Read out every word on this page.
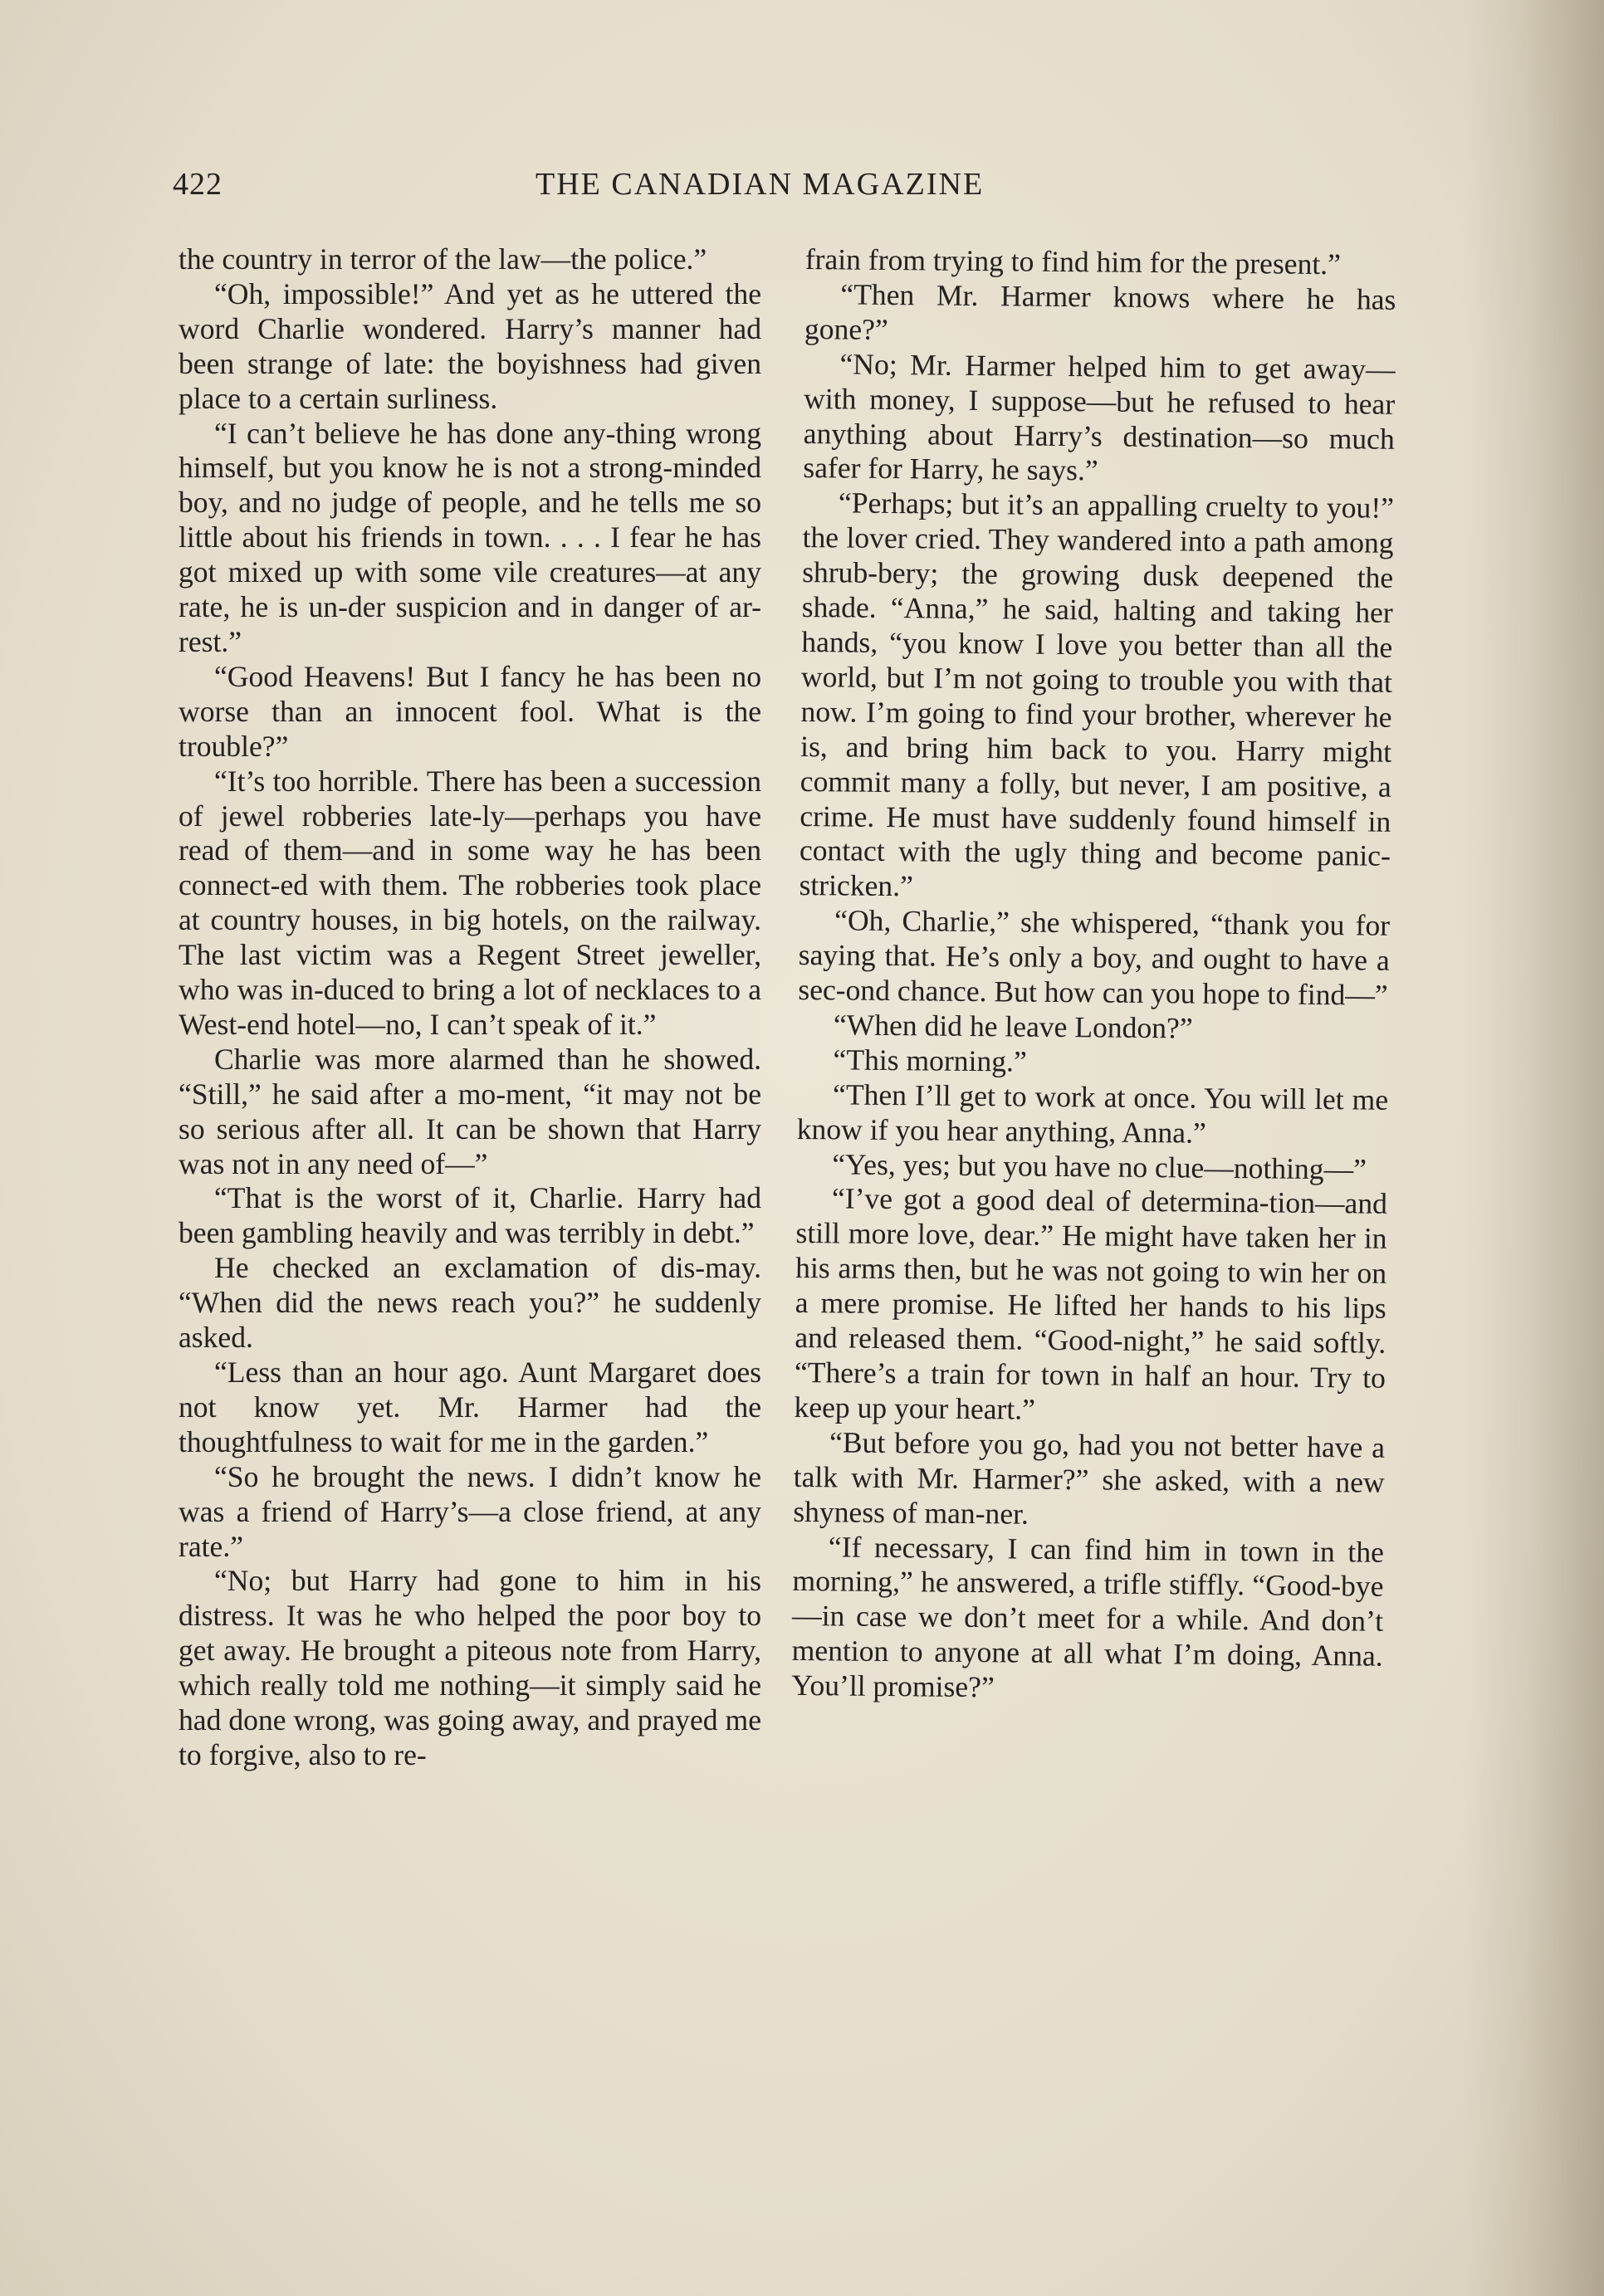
422	THE CANADIAN MAGAZINE

the country in terror of the law—the police.”

“Oh, impossible!” And yet as he uttered the word Charlie wondered. Harry’s manner had been strange of late: the boyishness had given place to a certain surliness.

“I can’t believe he has done any-thing wrong himself, but you know he is not a strong-minded boy, and no judge of people, and he tells me so little about his friends in town. . . . I fear he has got mixed up with some vile creatures—at any rate, he is un-der suspicion and in danger of ar-rest.”

“Good Heavens! But I fancy he has been no worse than an innocent fool. What is the trouble?”

“It’s too horrible. There has been a succession of jewel robberies late-ly—perhaps you have read of them—and in some way he has been connect-ed with them. The robberies took place at country houses, in big hotels, on the railway. The last victim was a Regent Street jeweller, who was in-duced to bring a lot of necklaces to a West-end hotel—no, I can’t speak of it.”

Charlie was more alarmed than he showed. “Still,” he said after a mo-ment, “it may not be so serious after all. It can be shown that Harry was not in any need of—”

“That is the worst of it, Charlie. Harry had been gambling heavily and was terribly in debt.”

He checked an exclamation of dis-may. “When did the news reach you?” he suddenly asked.

“Less than an hour ago. Aunt Margaret does not know yet. Mr. Harmer had the thoughtfulness to wait for me in the garden.”

“So he brought the news. I didn’t know he was a friend of Harry’s—a close friend, at any rate.”

“No; but Harry had gone to him in his distress. It was he who helped the poor boy to get away. He brought a piteous note from Harry, which really told me nothing—it simply said he had done wrong, was going away, and prayed me to forgive, also to re-

frain from trying to find him for the present.”

“Then Mr. Harmer knows where he has gone?”

“No; Mr. Harmer helped him to get away—with money, I suppose—but he refused to hear anything about Harry’s destination—so much safer for Harry, he says.”

“Perhaps; but it’s an appalling cruelty to you!” the lover cried. They wandered into a path among shrub-bery; the growing dusk deepened the shade. “Anna,” he said, halting and taking her hands, “you know I love you better than all the world, but I’m not going to trouble you with that now. I’m going to find your brother, wherever he is, and bring him back to you. Harry might commit many a folly, but never, I am positive, a crime. He must have suddenly found himself in contact with the ugly thing and become panic-stricken.”

“Oh, Charlie,” she whispered, “thank you for saying that. He’s only a boy, and ought to have a sec-ond chance. But how can you hope to find—”

“When did he leave London?”

“This morning.”

“Then I’ll get to work at once. You will let me know if you hear anything, Anna.”

“Yes, yes; but you have no clue—nothing—”

“I’ve got a good deal of determina-tion—and still more love, dear.” He might have taken her in his arms then, but he was not going to win her on a mere promise. He lifted her hands to his lips and released them. “Good-night,” he said softly. “There’s a train for town in half an hour. Try to keep up your heart.”

“But before you go, had you not better have a talk with Mr. Harmer?” she asked, with a new shyness of man-ner.

“If necessary, I can find him in town in the morning,” he answered, a trifle stiffly. “Good-bye—in case we don’t meet for a while. And don’t mention to anyone at all what I’m doing, Anna. You’ll promise?”
